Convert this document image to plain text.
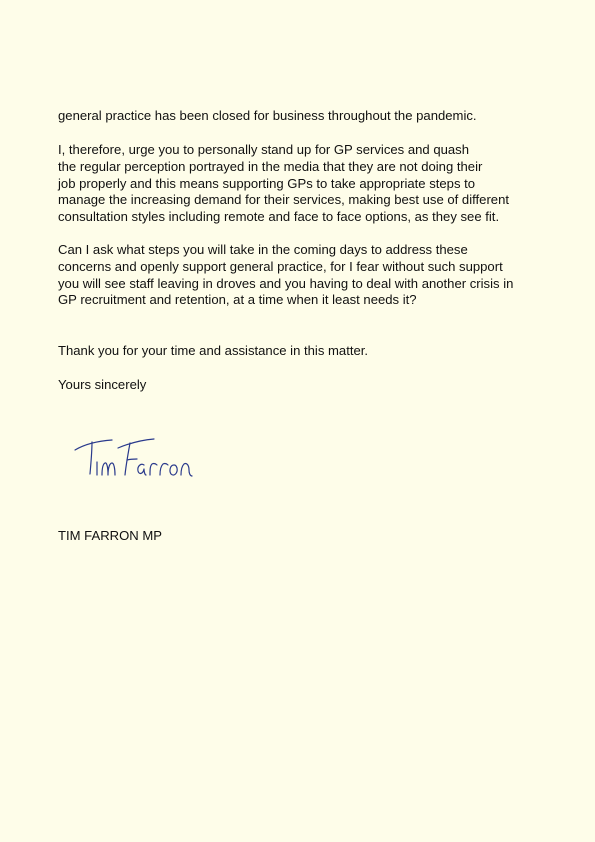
general practice has been closed for business throughout the pandemic.

I, therefore, urge you to personally stand up for GP services and quash
the regular perception portrayed in the media that they are not doing their
job properly and this means supporting GPs to take appropriate steps to
manage the increasing demand for their services, making best use of different
consultation styles including remote and face to face options, as they see fit.

Can I ask what steps you will take in the coming days to address these
concerns and openly support general practice, for I fear without such support
you will see staff leaving in droves and you having to deal with another crisis in
GP recruitment and retention, at a time when it least needs it?

Thank you for your time and assistance in this matter.

Yours sincerely

TIM FARRON MP
